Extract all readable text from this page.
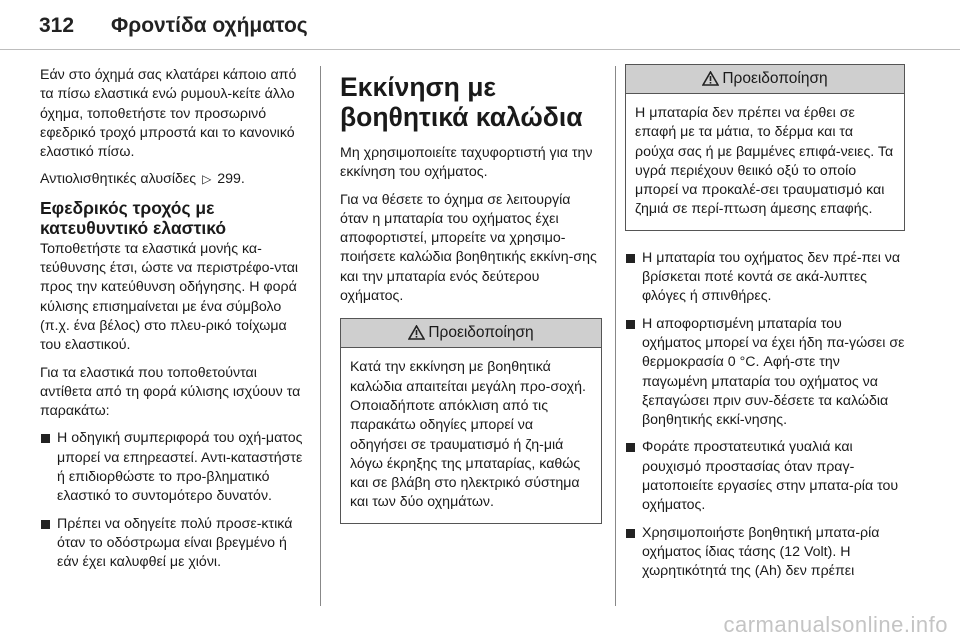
312 Φροντίδα οχήματος

Εάν στο όχημά σας κλατάρει κάποιο από τα πίσω ελαστικά ενώ ρυμουλ-κείτε άλλο όχημα, τοποθετήστε τον προσωρινό εφεδρικό τροχό μπροστά και το κανονικό ελαστικό πίσω.

Αντιολισθητικές αλυσίδες ▷ 299.

Εφεδρικός τροχός με κατευθυντικό ελαστικό

Τοποθετήστε τα ελαστικά μονής κα-τεύθυνσης έτσι, ώστε να περιστρέφο-νται προς την κατεύθυνση οδήγησης. Η φορά κύλισης επισημαίνεται με ένα σύμβολο (π.χ. ένα βέλος) στο πλευ-ρικό τοίχωμα του ελαστικού.

Για τα ελαστικά που τοποθετούνται αντίθετα από τη φορά κύλισης ισχύουν τα παρακάτω:

Η οδηγική συμπεριφορά του οχή-ματος μπορεί να επηρεαστεί. Αντι-καταστήστε ή επιδιορθώστε το προ-βληματικό ελαστικό το συντομότερο δυνατόν.
Πρέπει να οδηγείτε πολύ προσε-κτικά όταν το οδόστρωμα είναι βρεγμένο ή εάν έχει καλυφθεί με χιόνι.
Εκκίνηση με βοηθητικά καλώδια

Μη χρησιμοποιείτε ταχυφορτιστή για την εκκίνηση του οχήματος.

Για να θέσετε το όχημα σε λειτουργία όταν η μπαταρία του οχήματος έχει αποφορτιστεί, μπορείτε να χρησιμο-ποιήσετε καλώδια βοηθητικής εκκίνη-σης και την μπαταρία ενός δεύτερου οχήματος.

Προειδοποίηση
Κατά την εκκίνηση με βοηθητικά καλώδια απαιτείται μεγάλη προ-σοχή. Οποιαδήποτε απόκλιση από τις παρακάτω οδηγίες μπορεί να οδηγήσει σε τραυματισμό ή ζη-μιά λόγω έκρηξης της μπαταρίας, καθώς και σε βλάβη στο ηλεκτρικό σύστημα και των δύο οχημάτων.
Προειδοποίηση
Η μπαταρία δεν πρέπει να έρθει σε επαφή με τα μάτια, το δέρμα και τα ρούχα σας ή με βαμμένες επιφά-νειες. Τα υγρά περιέχουν θειικό οξύ το οποίο μπορεί να προκαλέ-σει τραυματισμό και ζημιά σε περί-πτωση άμεσης επαφής.
Η μπαταρία του οχήματος δεν πρέ-πει να βρίσκεται ποτέ κοντά σε ακά-λυπτες φλόγες ή σπινθήρες.
Η αποφορτισμένη μπαταρία του οχήματος μπορεί να έχει ήδη πα-γώσει σε θερμοκρασία 0 °C. Αφή-στε την παγωμένη μπαταρία του οχήματος να ξεπαγώσει πριν συν-δέσετε τα καλώδια βοηθητικής εκκί-νησης.
Φοράτε προστατευτικά γυαλιά και ρουχισμό προστασίας όταν πραγ-ματοποιείτε εργασίες στην μπατα-ρία του οχήματος.
Χρησιμοποιήστε βοηθητική μπατα-ρία οχήματος ίδιας τάσης (12 Volt). Η χωρητικότητά της (Ah) δεν πρέπει
carmanualsonline.info
